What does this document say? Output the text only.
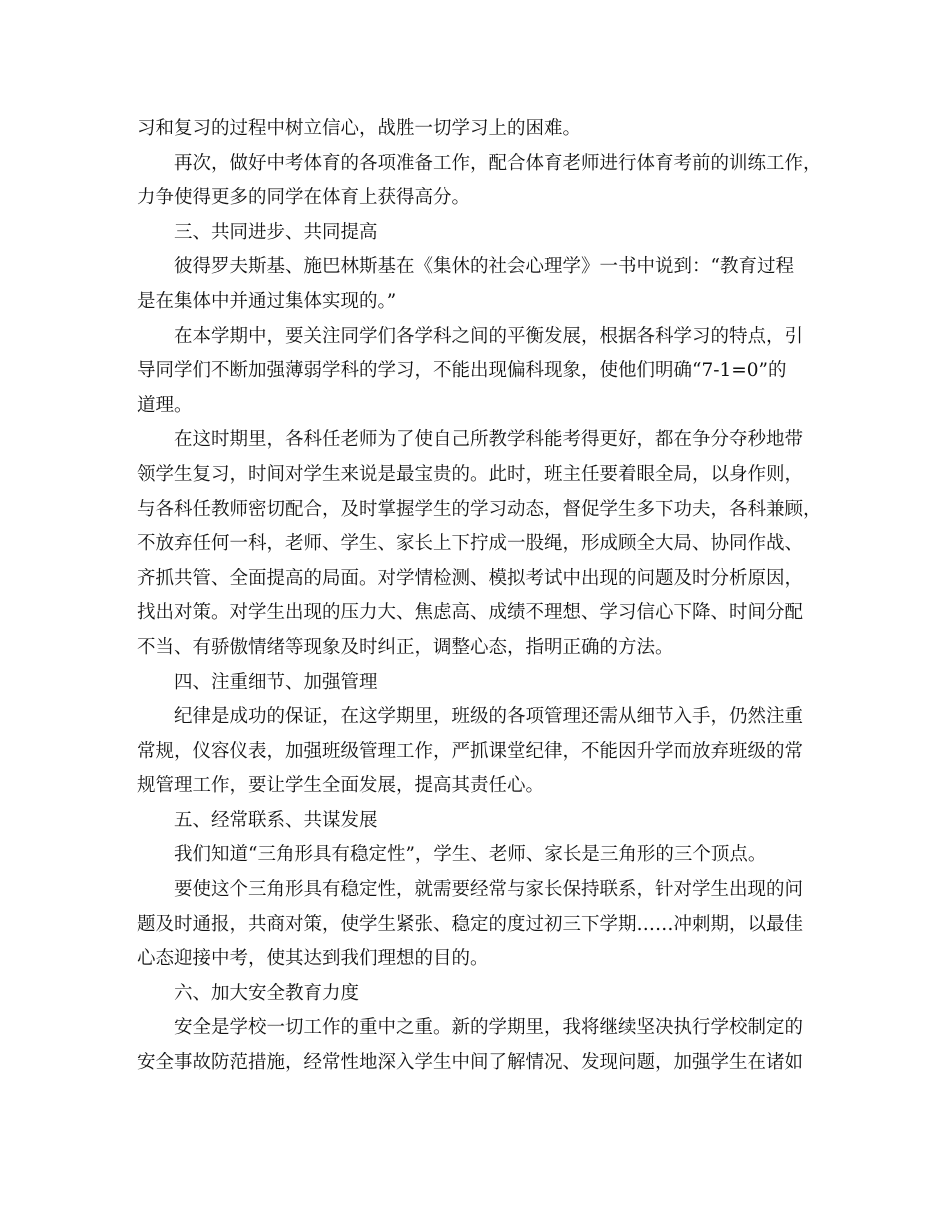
习和复习的过程中树立信心，战胜一切学习上的困难。
再次，做好中考体育的各项准备工作，配合体育老师进行体育考前的训练工作，
力争使得更多的同学在体育上获得高分。
三、共同进步、共同提高
彼得罗夫斯基、施巴林斯基在《集休的社会心理学》一书中说到：“教育过程
是在集体中并通过集体实现的。”
在本学期中，要关注同学们各学科之间的平衡发展，根据各科学习的特点，引
导同学们不断加强薄弱学科的学习，不能出现偏科现象，使他们明确“7-1=0”的
道理。
在这时期里，各科任老师为了使自己所教学科能考得更好，都在争分夺秒地带
领学生复习，时间对学生来说是最宝贵的。此时，班主任要着眼全局，以身作则，
与各科任教师密切配合，及时掌握学生的学习动态，督促学生多下功夫，各科兼顾，
不放弃任何一科，老师、学生、家长上下拧成一股绳，形成顾全大局、协同作战、
齐抓共管、全面提高的局面。对学情检测、模拟考试中出现的问题及时分析原因，
找出对策。对学生出现的压力大、焦虑高、成绩不理想、学习信心下降、时间分配
不当、有骄傲情绪等现象及时纠正，调整心态，指明正确的方法。
四、注重细节、加强管理
纪律是成功的保证，在这学期里，班级的各项管理还需从细节入手，仍然注重
常规，仪容仪表，加强班级管理工作，严抓课堂纪律，不能因升学而放弃班级的常
规管理工作，要让学生全面发展，提高其责任心。
五、经常联系、共谋发展
我们知道“三角形具有稳定性”，学生、老师、家长是三角形的三个顶点。
要使这个三角形具有稳定性，就需要经常与家长保持联系，针对学生出现的问
题及时通报，共商对策，使学生紧张、稳定的度过初三下学期……冲刺期，以最佳
心态迎接中考，使其达到我们理想的目的。
六、加大安全教育力度
安全是学校一切工作的重中之重。新的学期里，我将继续坚决执行学校制定的
安全事故防范措施，经常性地深入学生中间了解情况、发现问题，加强学生在诸如
